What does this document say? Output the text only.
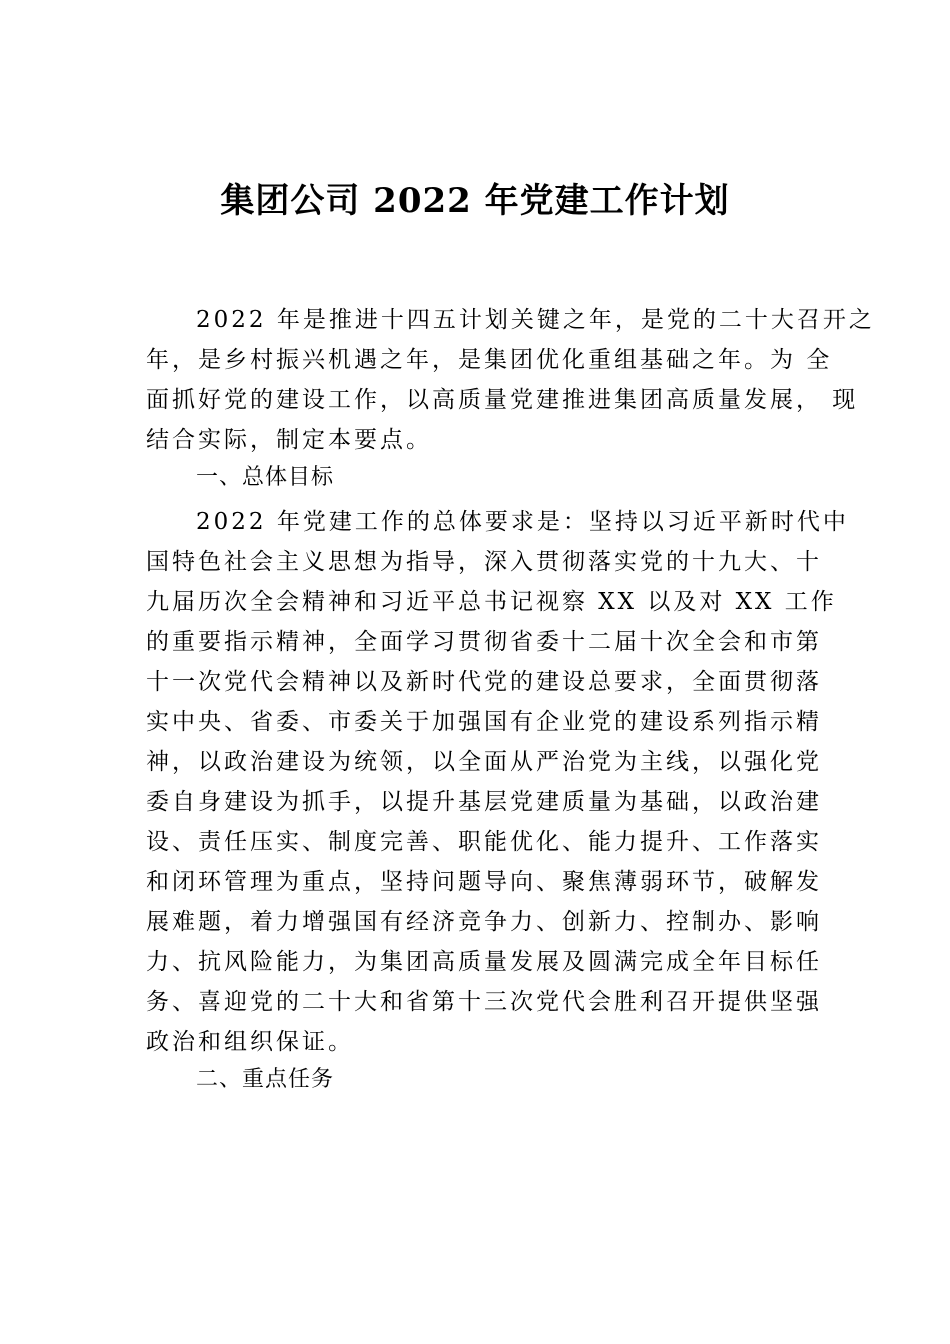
集团公司 2022 年党建工作计划
2022 年是推进十四五计划关键之年，是党的二十大召开之
年，是乡村振兴机遇之年，是集团优化重组基础之年。为 全
面抓好党的建设工作，以高质量党建推进集团高质量发展， 现
结合实际，制定本要点。
一、总体目标
2022 年党建工作的总体要求是：坚持以习近平新时代中
国特色社会主义思想为指导，深入贯彻落实党的十九大、十
九届历次全会精神和习近平总书记视察 XX 以及对 XX 工作
的重要指示精神，全面学习贯彻省委十二届十次全会和市第
十一次党代会精神以及新时代党的建设总要求，全面贯彻落
实中央、省委、市委关于加强国有企业党的建设系列指示精
神，以政治建设为统领，以全面从严治党为主线，以强化党
委自身建设为抓手，以提升基层党建质量为基础，以政治建
设、责任压实、制度完善、职能优化、能力提升、工作落实
和闭环管理为重点，坚持问题导向、聚焦薄弱环节，破解发
展难题，着力增强国有经济竞争力、创新力、控制办、影响
力、抗风险能力，为集团高质量发展及圆满完成全年目标任
务、喜迎党的二十大和省第十三次党代会胜利召开提供坚强
政治和组织保证。
二、重点任务
